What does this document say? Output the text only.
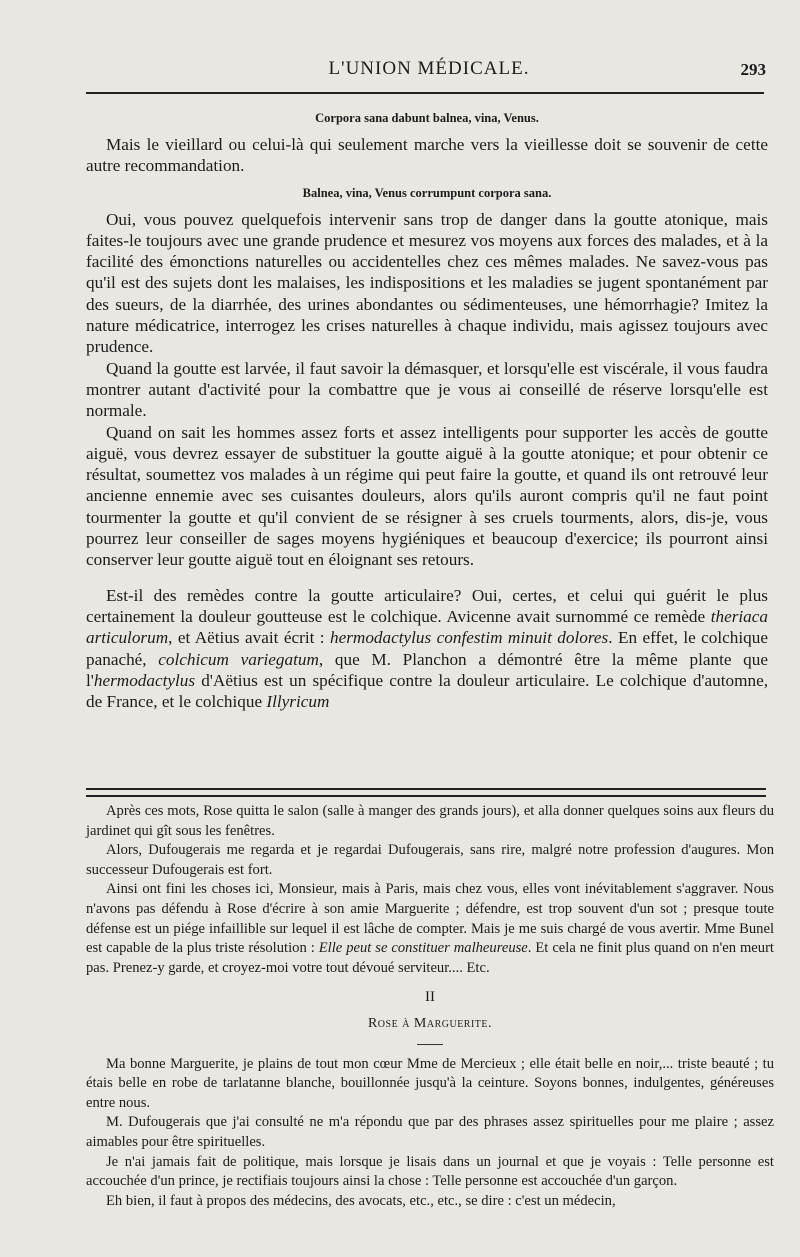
L'UNION MÉDICALE.	293

Corpora sana dabunt balnea, vina, Venus.

Mais le vieillard ou celui-là qui seulement marche vers la vieillesse doit se souvenir de cette autre recommandation.

Balnea, vina, Venus corrumpunt corpora sana.

Oui, vous pouvez quelquefois intervenir sans trop de danger dans la goutte atonique, mais faites-le toujours avec une grande prudence et mesurez vos moyens aux forces des malades, et à la facilité des émonctions naturelles ou accidentelles chez ces mêmes malades. Ne savez-vous pas qu'il est des sujets dont les malaises, les indispositions et les maladies se jugent spontanément par des sueurs, de la diarrhée, des urines abondantes ou sédimenteuses, une hémorrhagie? Imitez la nature médicatrice, interrogez les crises naturelles à chaque individu, mais agissez toujours avec prudence.

Quand la goutte est larvée, il faut savoir la démasquer, et lorsqu'elle est viscérale, il vous faudra montrer autant d'activité pour la combattre que je vous ai conseillé de réserve lorsqu'elle est normale.

Quand on sait les hommes assez forts et assez intelligents pour supporter les accès de goutte aiguë, vous devrez essayer de substituer la goutte aiguë à la goutte atonique; et pour obtenir ce résultat, soumettez vos malades à un régime qui peut faire la goutte, et quand ils ont retrouvé leur ancienne ennemie avec ses cuisantes douleurs, alors qu'ils auront compris qu'il ne faut point tourmenter la goutte et qu'il convient de se résigner à ses cruels tourments, alors, dis-je, vous pourrez leur conseiller de sages moyens hygiéniques et beaucoup d'exercice; ils pourront ainsi conserver leur goutte aiguë tout en éloignant ses retours.

Est-il des remèdes contre la goutte articulaire? Oui, certes, et celui qui guérit le plus certainement la douleur goutteuse est le colchique. Avicenne avait surnommé ce remède theriaca articulorum, et Aëtius avait écrit : hermodactylus confestim minuit dolores. En effet, le colchique panaché, colchicum variegatum, que M. Planchon a démontré être la même plante que l'hermodactylus d'Aëtius est un spécifique contre la douleur articulaire. Le colchique d'automne, de France, et le colchique Illyricum

Après ces mots, Rose quitta le salon (salle à manger des grands jours), et alla donner quelques soins aux fleurs du jardinet qui gît sous les fenêtres.

Alors, Dufougerais me regarda et je regardai Dufougerais, sans rire, malgré notre profession d'augures. Mon successeur Dufougerais est fort.

Ainsi ont fini les choses ici, Monsieur, mais à Paris, mais chez vous, elles vont inévitablement s'aggraver. Nous n'avons pas défendu à Rose d'écrire à son amie Marguerite ; défendre, est trop souvent d'un sot ; presque toute défense est un piége infaillible sur lequel il est lâche de compter. Mais je me suis chargé de vous avertir. Mme Bunel est capable de la plus triste résolution : Elle peut se constituer malheureuse. Et cela ne finit plus quand on n'en meurt pas. Prenez-y garde, et croyez-moi votre tout dévoué serviteur.... Etc.

II

Rose à Marguerite.

Ma bonne Marguerite, je plains de tout mon cœur Mme de Mercieux ; elle était belle en noir,... triste beauté ; tu étais belle en robe de tarlatanne blanche, bouillonnée jusqu'à la ceinture. Soyons bonnes, indulgentes, généreuses entre nous.

M. Dufougerais que j'ai consulté ne m'a répondu que par des phrases assez spirituelles pour me plaire ; assez aimables pour être spirituelles.

Je n'ai jamais fait de politique, mais lorsque je lisais dans un journal et que je voyais : Telle personne est accouchée d'un prince, je rectifiais toujours ainsi la chose : Telle personne est accouchée d'un garçon.

Eh bien, il faut à propos des médecins, des avocats, etc., etc., se dire : c'est un médecin,
